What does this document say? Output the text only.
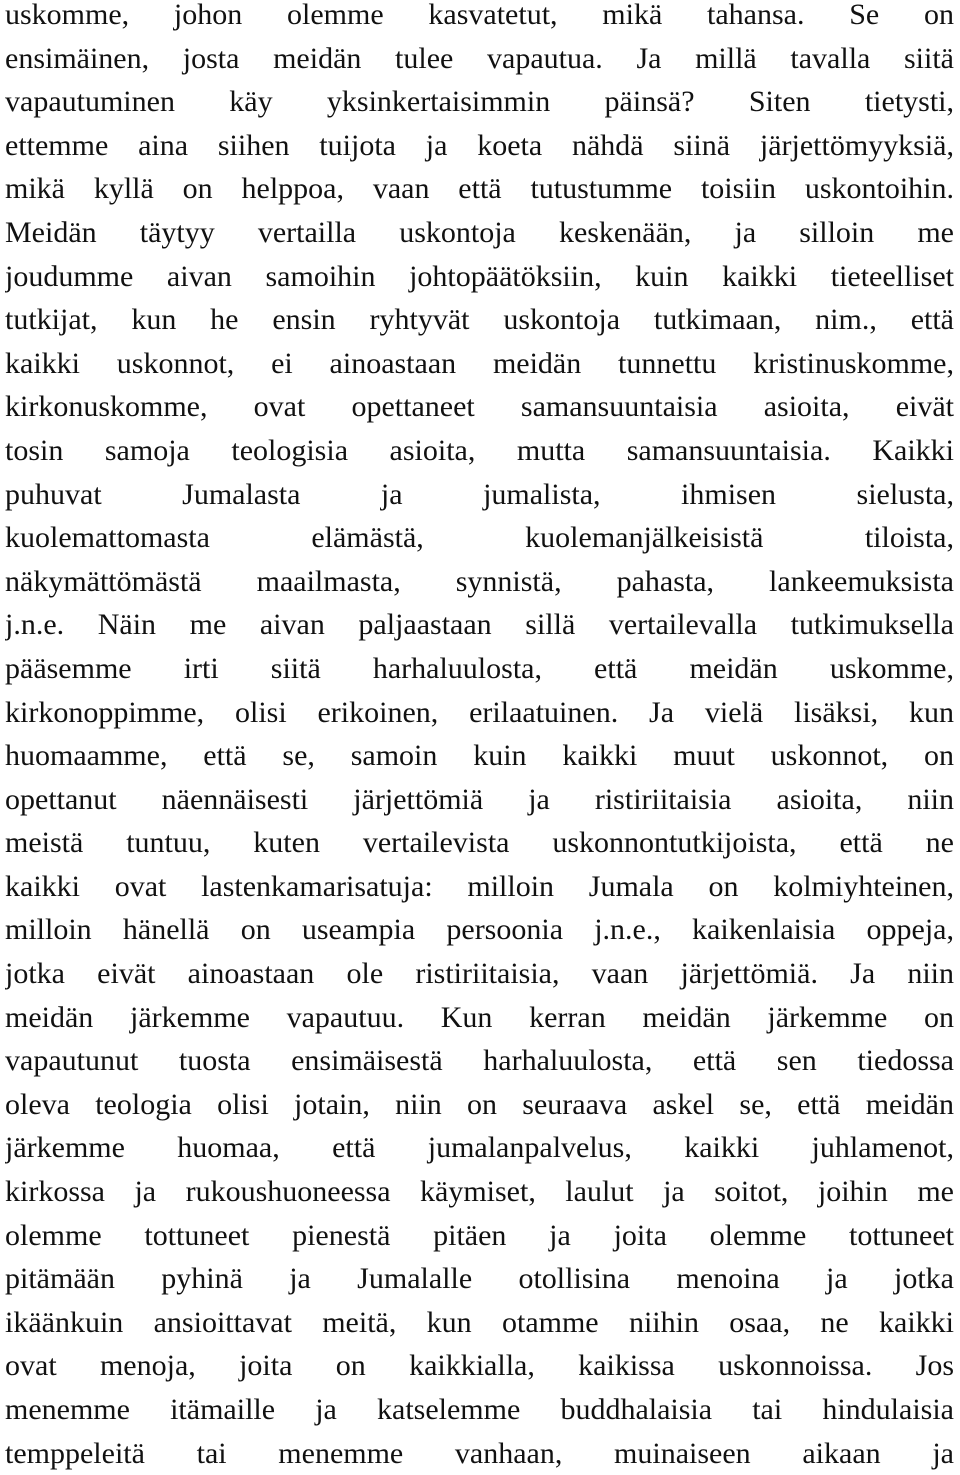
uskomme, johon olemme kasvatetut, mikä tahansa. Se on
ensimäinen, josta meidän tulee vapautua. Ja millä tavalla siitä
vapautuminen käy yksinkertaisimmin päinsä? Siten tietysti,
ettemme aina siihen tuijota ja koeta nähdä siinä järjettömyyksiä,
mikä kyllä on helppoa, vaan että tutustumme toisiin uskontoihin.
Meidän täytyy vertailla uskontoja keskenään, ja silloin me
joudumme aivan samoihin johtopäätöksiin, kuin kaikki tieteelliset
tutkijat, kun he ensin ryhtyvät uskontoja tutkimaan, nim., että
kaikki uskonnot, ei ainoastaan meidän tunnettu kristinuskomme,
kirkonuskomme, ovat opettaneet samansuuntaisia asioita, eivät
tosin samoja teologisia asioita, mutta samansuuntaisia. Kaikki
puhuvat Jumalasta ja jumalista, ihmisen sielusta,
kuolemattomasta elämästä, kuolemanjälkeisistä tiloista,
näkymättömästä maailmasta, synnistä, pahasta, lankeemuksista
j.n.e. Näin me aivan paljaastaan sillä vertailevalla tutkimuksella
pääsemme irti siitä harhaluulosta, että meidän uskomme,
kirkonoppimme, olisi erikoinen, erilaatuinen. Ja vielä lisäksi, kun
huomaamme, että se, samoin kuin kaikki muut uskonnot, on
opettanut näennäisesti järjettömiä ja ristiriitaisia asioita, niin
meistä tuntuu, kuten vertailevista uskonnontutkijoista, että ne
kaikki ovat lastenkamarisatuja: milloin Jumala on kolmiyhteinen,
milloin hänellä on useampia persoonia j.n.e., kaikenlaisia oppeja,
jotka eivät ainoastaan ole ristiriitaisia, vaan järjettömiä. Ja niin
meidän järkemme vapautuu. Kun kerran meidän järkemme on
vapautunut tuosta ensimäisestä harhaluulosta, että sen tiedossa
oleva teologia olisi jotain, niin on seuraava askel se, että meidän
järkemme huomaa, että jumalanpalvelus, kaikki juhlamenot,
kirkossa ja rukoushuoneessa käymiset, laulut ja soitot, joihin me
olemme tottuneet pienestä pitäen ja joita olemme tottuneet
pitämään pyhinä ja Jumalalle otollisina menoina ja jotka
ikäänkuin ansioittavat meitä, kun otamme niihin osaa, ne kaikki
ovat menoja, joita on kaikkialla, kaikissa uskonnoissa. Jos
menemme itämaille ja katselemme buddhalaisia tai hindulaisia
temppeleitä tai menemme vanhaan, muinaiseen aikaan ja
